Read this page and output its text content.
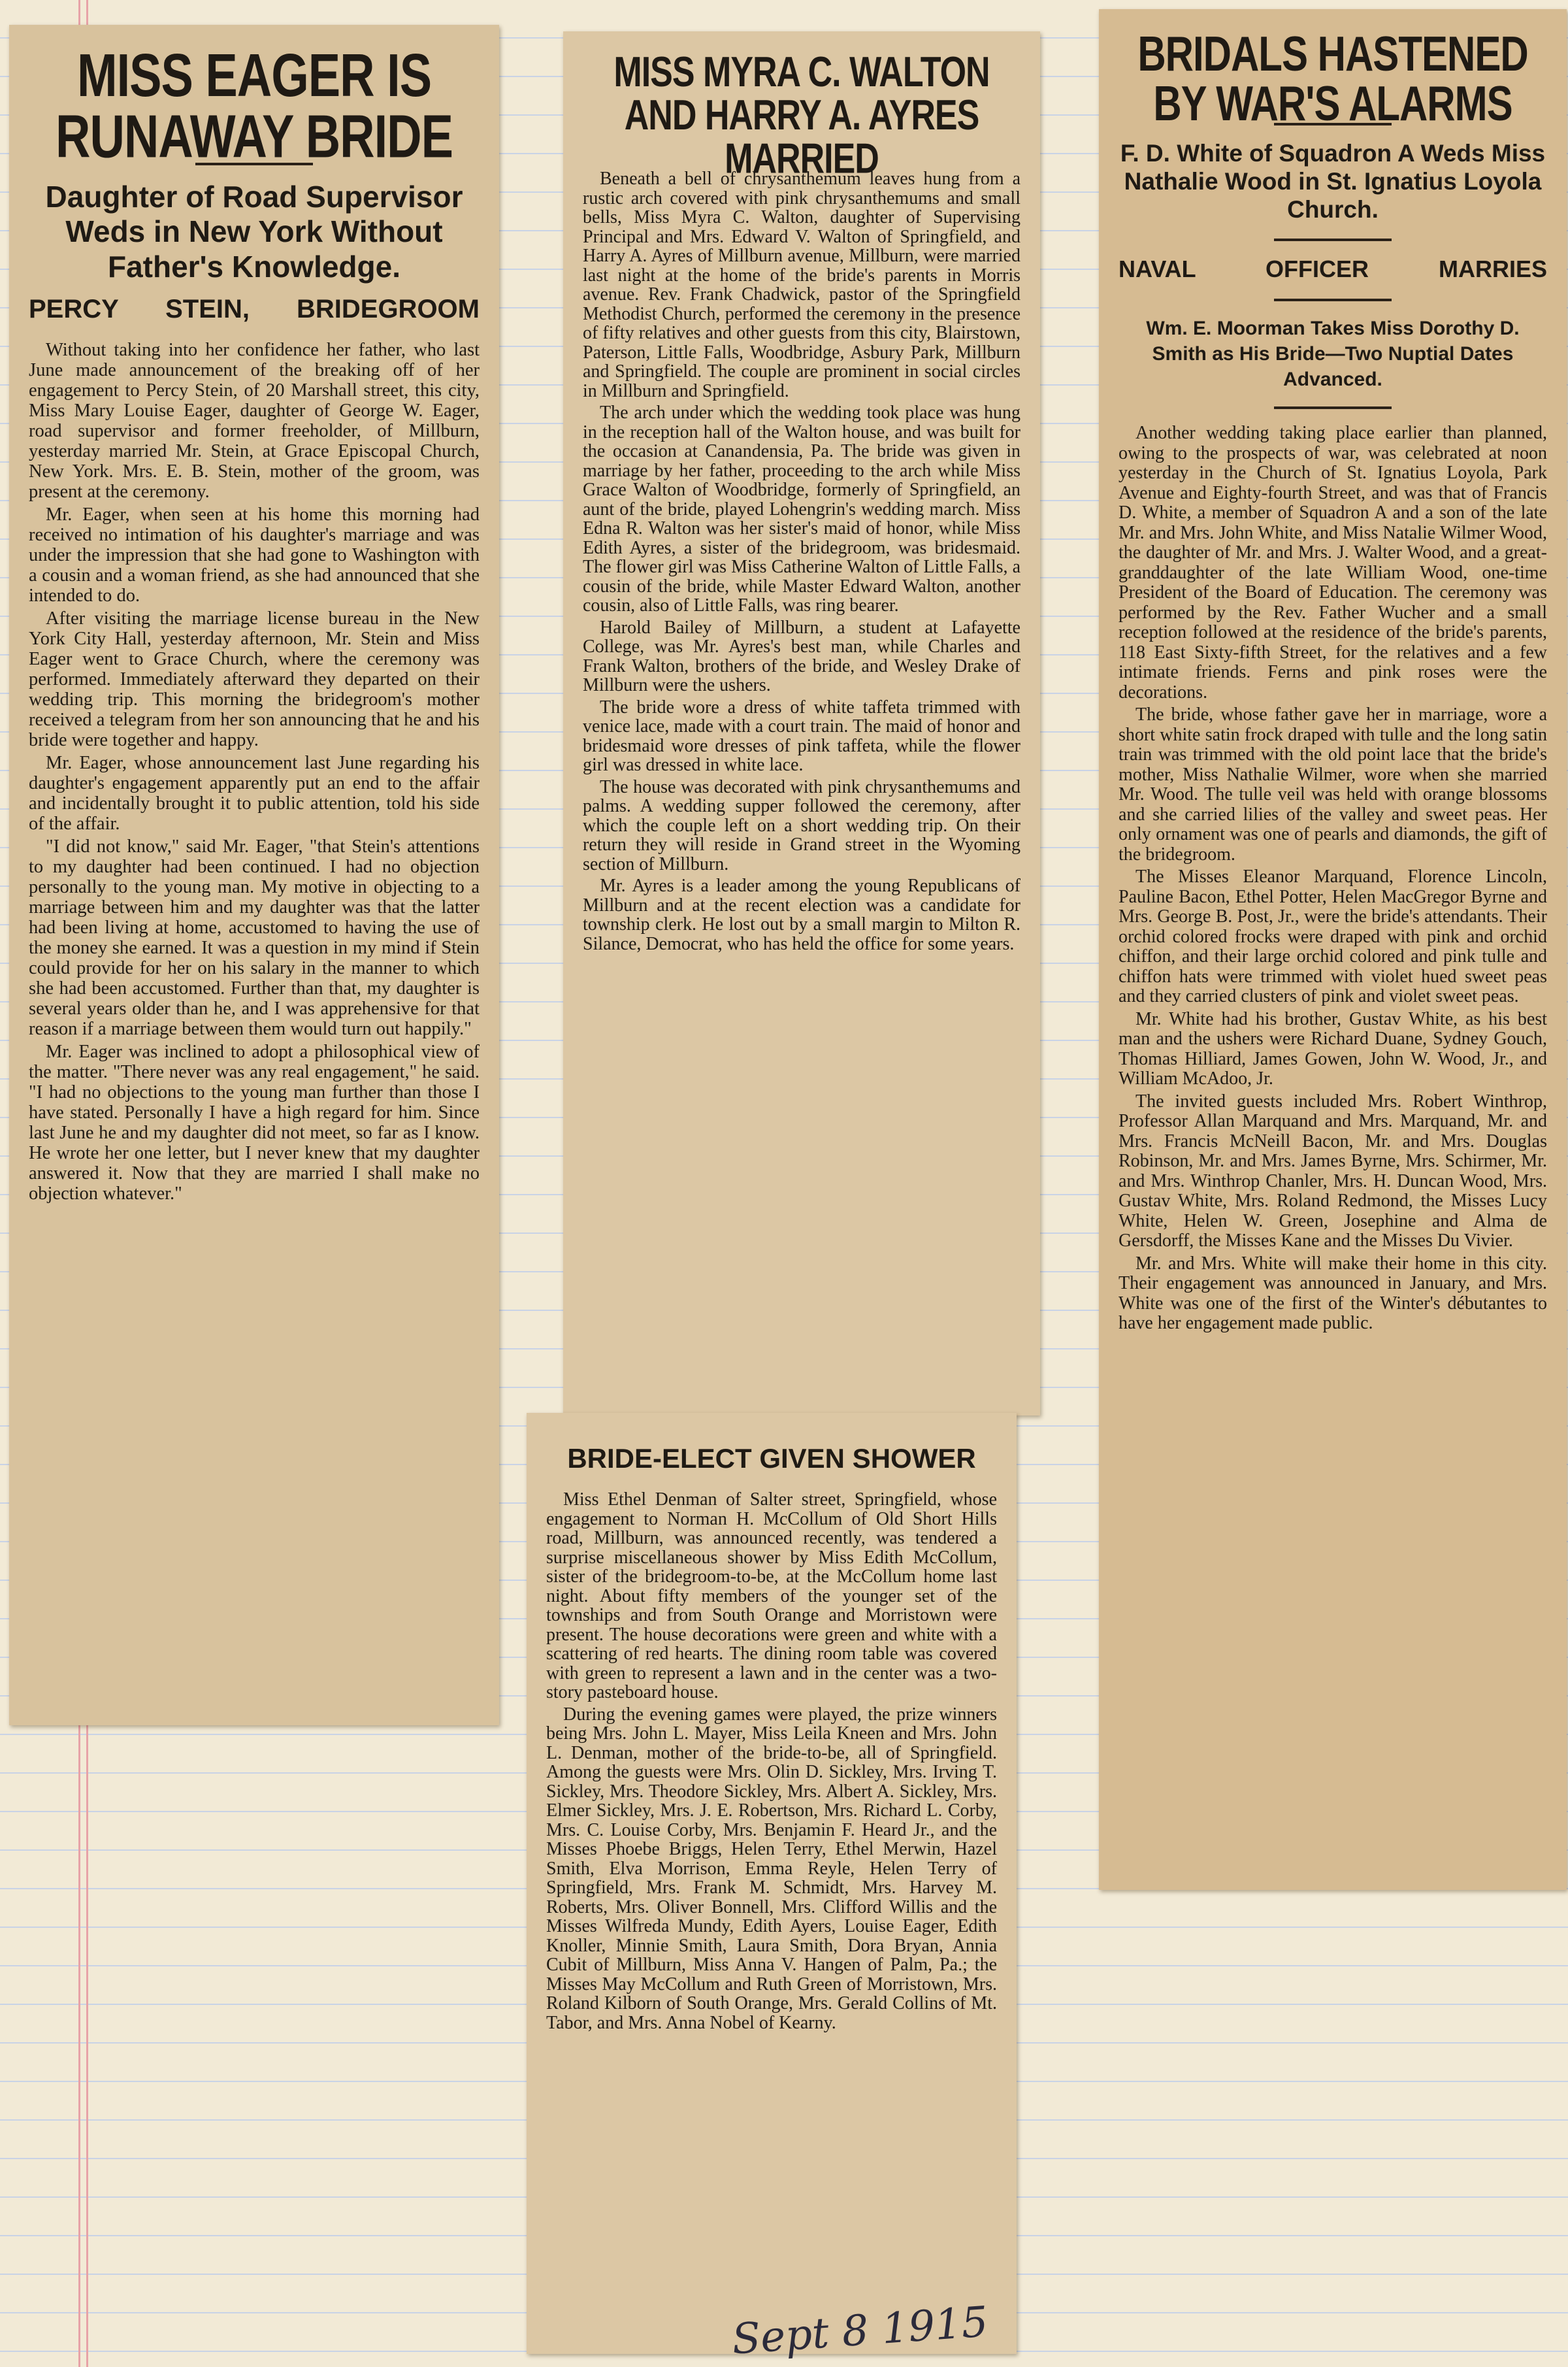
MISS EAGER IS RUNAWAY BRIDE
Daughter of Road Supervisor Weds in New York Without Father's Knowledge.
PERCY STEIN, BRIDEGROOM

Without taking into her confidence her father, who last June made announcement of the breaking off of her engagement to Percy Stein, of 20 Marshall street, this city, Miss Mary Louise Eager, daughter of George W. Eager, road supervisor and former freeholder, of Millburn, yesterday married Mr. Stein, at Grace Episcopal Church, New York. Mrs. E. B. Stein, mother of the groom, was present at the ceremony.

Mr. Eager, when seen at his home this morning had received no intimation of his daughter's marriage and was under the impression that she had gone to Washington with a cousin and a woman friend, as she had announced that she intended to do.

After visiting the marriage license bureau in the New York City Hall, yesterday afternoon, Mr. Stein and Miss Eager went to Grace Church, where the ceremony was performed. Immediately afterward they departed on their wedding trip. This morning the bridegroom's mother received a telegram from her son announcing that he and his bride were together and happy.

Mr. Eager, whose announcement last June regarding his daughter's engagement apparently put an end to the affair and incidentally brought it to public attention, told his side of the affair.

"I did not know," said Mr. Eager, "that Stein's attentions to my daughter had been continued. I had no objection personally to the young man. My motive in objecting to a marriage between him and my daughter was that the latter had been living at home, accustomed to having the use of the money she earned. It was a question in my mind if Stein could provide for her on his salary in the manner to which she had been accustomed. Further than that, my daughter is several years older than he, and I was apprehensive for that reason if a marriage between them would turn out happily."

Mr. Eager was inclined to adopt a philosophical view of the matter. "There never was any real engagement," he said. "I had no objections to the young man further than those I have stated. Personally I have a high regard for him. Since last June he and my daughter did not meet, so far as I know. He wrote her one letter, but I never knew that my daughter answered it. Now that they are married I shall make no objection whatever."

MISS MYRA C. WALTON AND HARRY A. AYRES MARRIED

Beneath a bell of chrysanthemum leaves hung from a rustic arch covered with pink chrysanthemums and small bells, Miss Myra C. Walton, daughter of Supervising Principal and Mrs. Edward V. Walton of Springfield, and Harry A. Ayres of Millburn avenue, Millburn, were married last night at the home of the bride's parents in Morris avenue. Rev. Frank Chadwick, pastor of the Springfield Methodist Church, performed the ceremony in the presence of fifty relatives and other guests from this city, Blairstown, Paterson, Little Falls, Woodbridge, Asbury Park, Millburn and Springfield. The couple are prominent in social circles in Millburn and Springfield.

The arch under which the wedding took place was hung in the reception hall of the Walton house, and was built for the occasion at Canandensia, Pa. The bride was given in marriage by her father, proceeding to the arch while Miss Grace Walton of Woodbridge, formerly of Springfield, an aunt of the bride, played Lohengrin's wedding march. Miss Edna R. Walton was her sister's maid of honor, while Miss Edith Ayres, a sister of the bridegroom, was bridesmaid. The flower girl was Miss Catherine Walton of Little Falls, a cousin of the bride, while Master Edward Walton, another cousin, also of Little Falls, was ring bearer.

Harold Bailey of Millburn, a student at Lafayette College, was Mr. Ayres's best man, while Charles and Frank Walton, brothers of the bride, and Wesley Drake of Millburn were the ushers.

The bride wore a dress of white taffeta trimmed with venice lace, made with a court train. The maid of honor and bridesmaid wore dresses of pink taffeta, while the flower girl was dressed in white lace.

The house was decorated with pink chrysanthemums and palms. A wedding supper followed the ceremony, after which the couple left on a short wedding trip. On their return they will reside in Grand street in the Wyoming section of Millburn.

Mr. Ayres is a leader among the young Republicans of Millburn and at the recent election was a candidate for township clerk. He lost out by a small margin to Milton R. Silance, Democrat, who has held the office for some years.

BRIDE-ELECT GIVEN SHOWER

Miss Ethel Denman of Salter street, Springfield, whose engagement to Norman H. McCollum of Old Short Hills road, Millburn, was announced recently, was tendered a surprise miscellaneous shower by Miss Edith McCollum, sister of the bridegroom-to-be, at the McCollum home last night. About fifty members of the younger set of the townships and from South Orange and Morristown were present. The house decorations were green and white with a scattering of red hearts. The dining room table was covered with green to represent a lawn and in the center was a two-story pasteboard house.

During the evening games were played, the prize winners being Mrs. John L. Mayer, Miss Leila Kneen and Mrs. John L. Denman, mother of the bride-to-be, all of Springfield. Among the guests were Mrs. Olin D. Sickley, Mrs. Irving T. Sickley, Mrs. Theodore Sickley, Mrs. Albert A. Sickley, Mrs. Elmer Sickley, Mrs. J. E. Robertson, Mrs. Richard L. Corby, Mrs. C. Louise Corby, Mrs. Benjamin F. Heard Jr., and the Misses Phoebe Briggs, Helen Terry, Ethel Merwin, Hazel Smith, Elva Morrison, Emma Reyle, Helen Terry of Springfield, Mrs. Frank M. Schmidt, Mrs. Harvey M. Roberts, Mrs. Oliver Bonnell, Mrs. Clifford Willis and the Misses Wilfreda Mundy, Edith Ayers, Louise Eager, Edith Knoller, Minnie Smith, Laura Smith, Dora Bryan, Annia Cubit of Millburn, Miss Anna V. Hangen of Palm, Pa.; the Misses May McCollum and Ruth Green of Morristown, Mrs. Roland Kilborn of South Orange, Mrs. Gerald Collins of Mt. Tabor, and Mrs. Anna Nobel of Kearny.

BRIDALS HASTENED BY WAR'S ALARMS
F. D. White of Squadron A Weds Miss Nathalie Wood in St. Ignatius Loyola Church.
NAVAL OFFICER MARRIES
Wm. E. Moorman Takes Miss Dorothy D. Smith as His Bride—Two Nuptial Dates Advanced.

Another wedding taking place earlier than planned, owing to the prospects of war, was celebrated at noon yesterday in the Church of St. Ignatius Loyola, Park Avenue and Eighty-fourth Street, and was that of Francis D. White, a member of Squadron A and a son of the late Mr. and Mrs. John White, and Miss Natalie Wilmer Wood, the daughter of Mr. and Mrs. J. Walter Wood, and a great-granddaughter of the late William Wood, one-time President of the Board of Education. The ceremony was performed by the Rev. Father Wucher and a small reception followed at the residence of the bride's parents, 118 East Sixty-fifth Street, for the relatives and a few intimate friends. Ferns and pink roses were the decorations.

The bride, whose father gave her in marriage, wore a short white satin frock draped with tulle and the long satin train was trimmed with the old point lace that the bride's mother, Miss Nathalie Wilmer, wore when she married Mr. Wood. The tulle veil was held with orange blossoms and she carried lilies of the valley and sweet peas. Her only ornament was one of pearls and diamonds, the gift of the bridegroom.

The Misses Eleanor Marquand, Florence Lincoln, Pauline Bacon, Ethel Potter, Helen MacGregor Byrne and Mrs. George B. Post, Jr., were the bride's attendants. Their orchid colored frocks were draped with pink and orchid chiffon, and their large orchid colored and pink tulle and chiffon hats were trimmed with violet hued sweet peas and they carried clusters of pink and violet sweet peas.

Mr. White had his brother, Gustav White, as his best man and the ushers were Richard Duane, Sydney Gouch, Thomas Hilliard, James Gowen, John W. Wood, Jr., and William McAdoo, Jr.

The invited guests included Mrs. Robert Winthrop, Professor Allan Marquand and Mrs. Marquand, Mr. and Mrs. Francis McNeill Bacon, Mr. and Mrs. Douglas Robinson, Mr. and Mrs. James Byrne, Mrs. Schirmer, Mr. and Mrs. Winthrop Chanler, Mrs. H. Duncan Wood, Mrs. Gustav White, Mrs. Roland Redmond, the Misses Lucy White, Helen W. Green, Josephine and Alma de Gersdorff, the Misses Kane and the Misses Du Vivier.

Mr. and Mrs. White will make their home in this city. Their engagement was announced in January, and Mrs. White was one of the first of the Winter's débutantes to have her engagement made public.

Sept 8 1915
